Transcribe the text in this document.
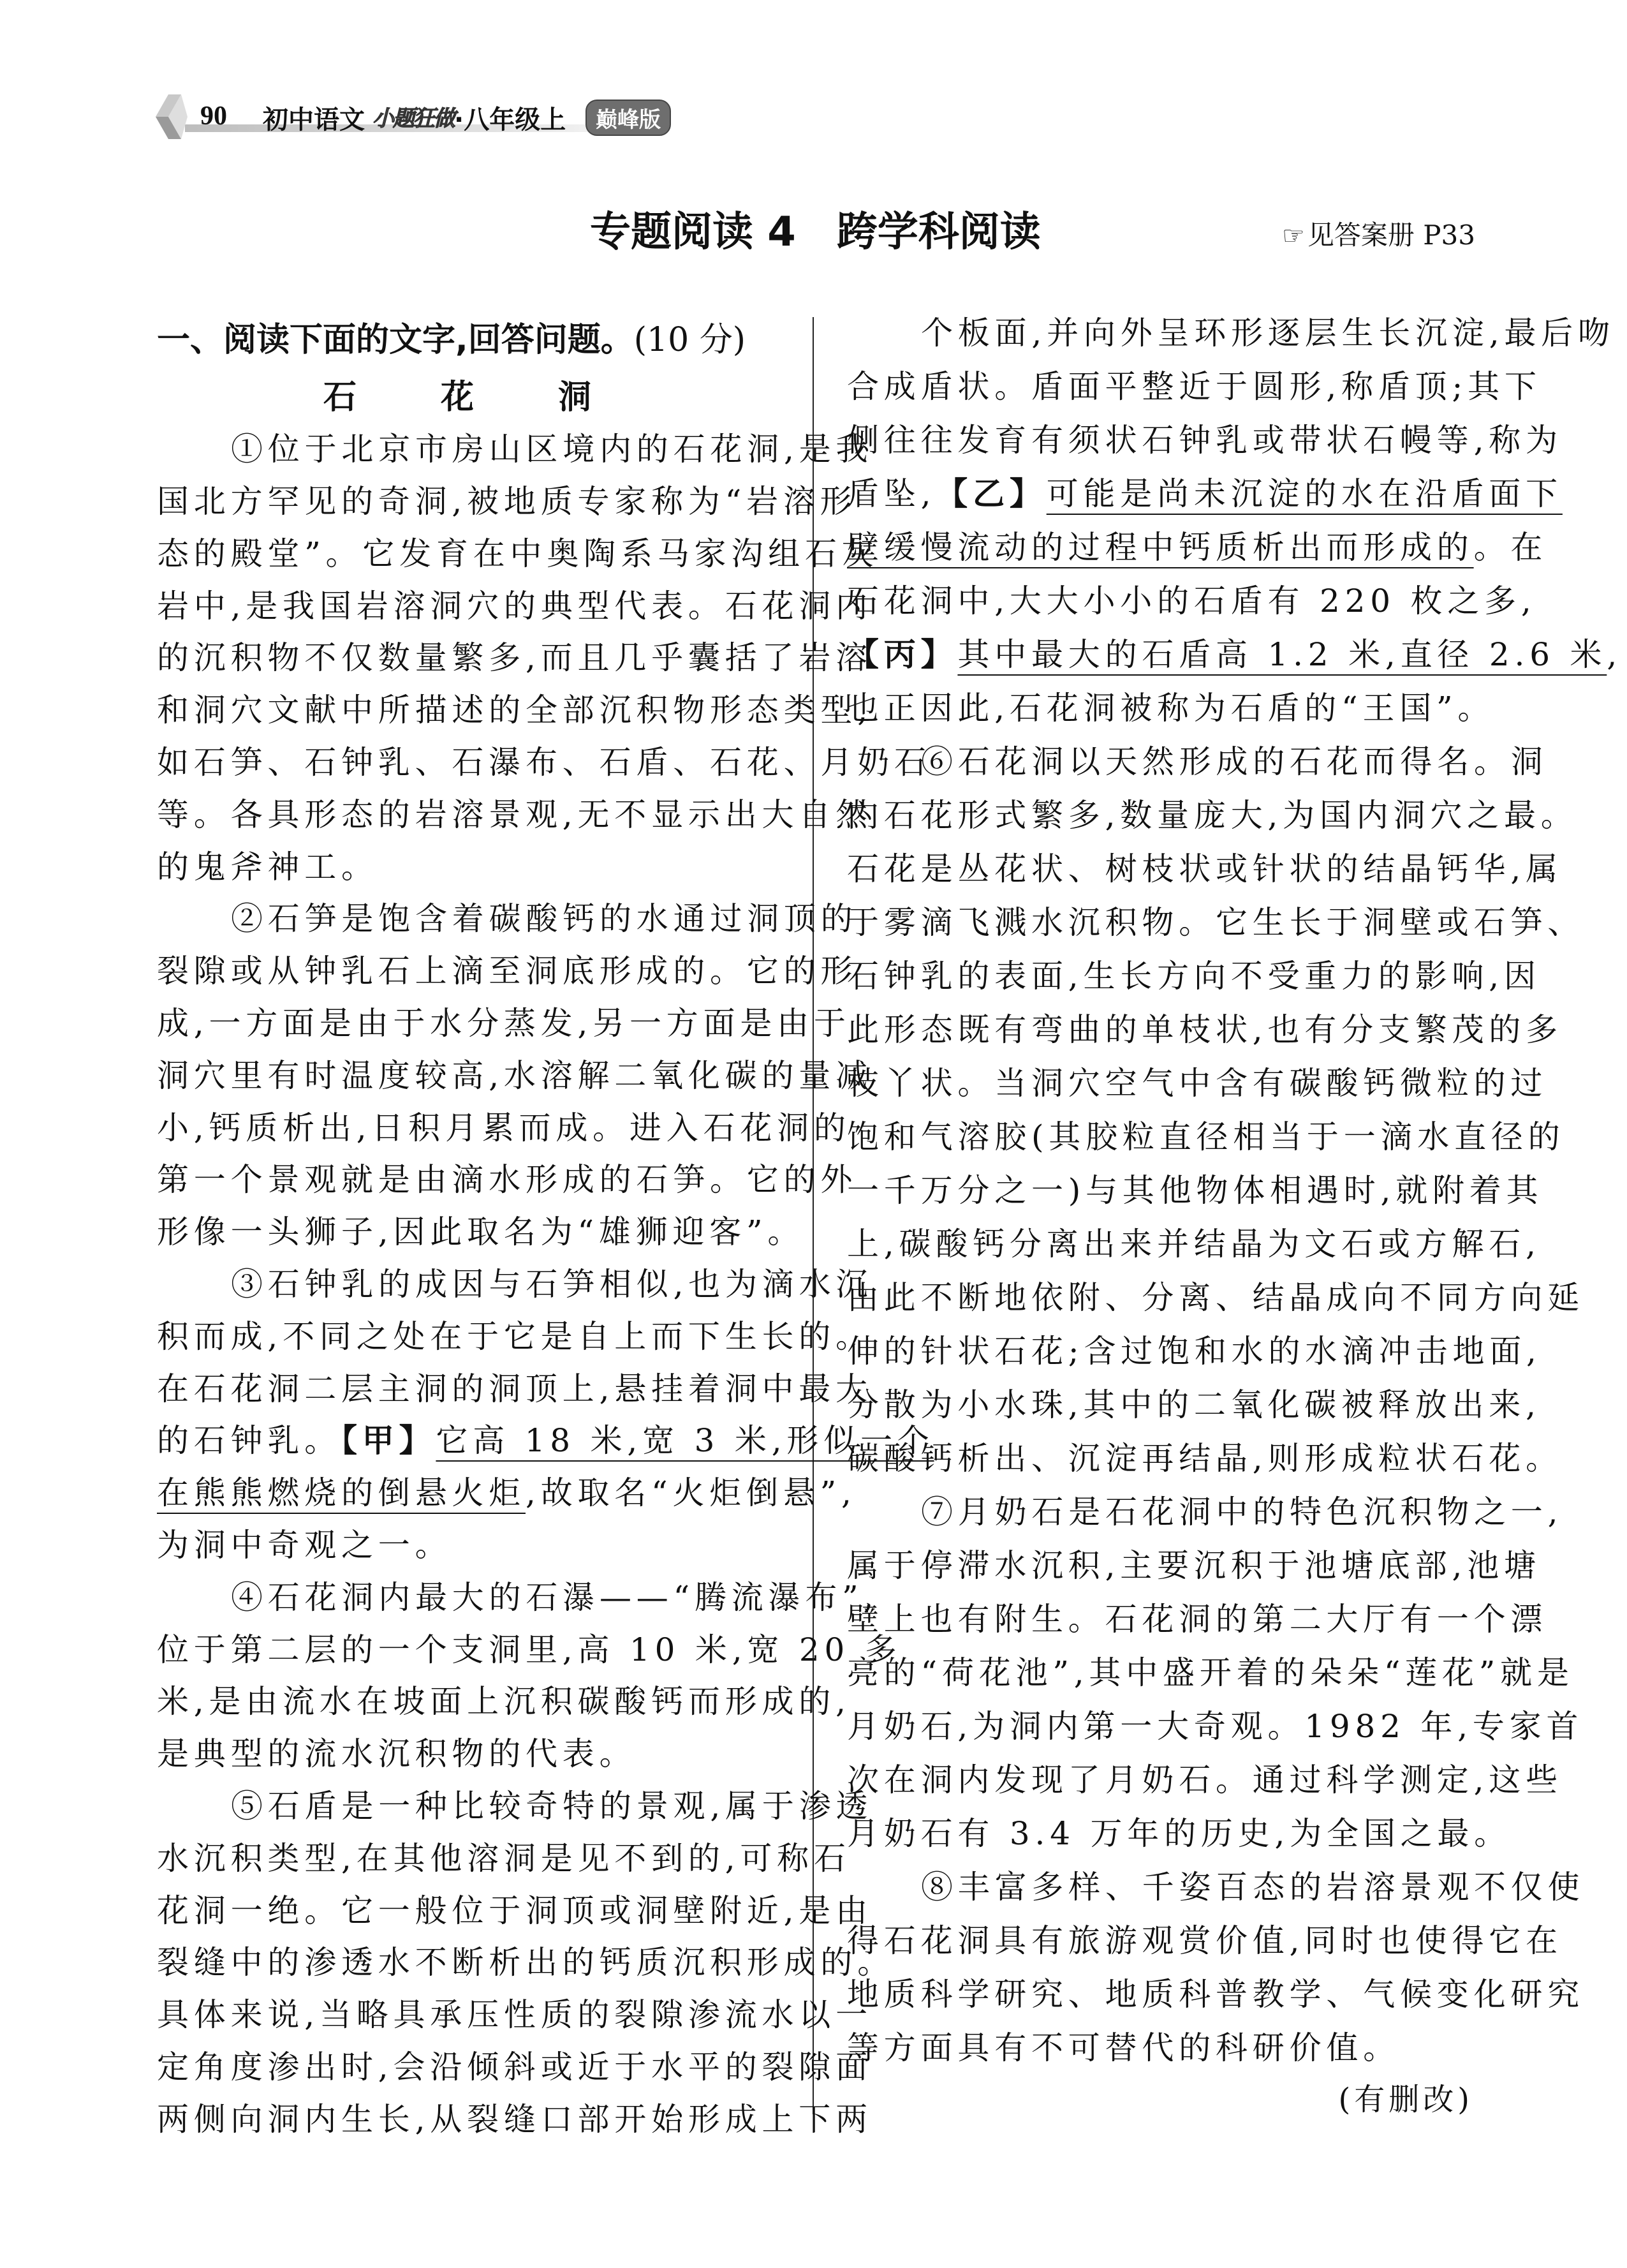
90 初中语文 小题狂做 ·八年级上	巅峰版
专题阅读 4　跨学科阅读	☞见答案册 P33
一、阅读下面的文字,回答问题。(10 分)
石　花　洞
①位于北京市房山区境内的石花洞,是我
国北方罕见的奇洞,被地质专家称为“岩溶形
态的殿堂”。它发育在中奥陶系马家沟组石灰
岩中,是我国岩溶洞穴的典型代表。石花洞内
的沉积物不仅数量繁多,而且几乎囊括了岩溶
和洞穴文献中所描述的全部沉积物形态类型,
如石笋、石钟乳、石瀑布、石盾、石花、月奶石
等。各具形态的岩溶景观,无不显示出大自然
的鬼斧神工。
②石笋是饱含着碳酸钙的水通过洞顶的
裂隙或从钟乳石上滴至洞底形成的。它的形
成,一方面是由于水分蒸发,另一方面是由于
洞穴里有时温度较高,水溶解二氧化碳的量减
小,钙质析出,日积月累而成。进入石花洞的
第一个景观就是由滴水形成的石笋。它的外
形像一头狮子,因此取名为“雄狮迎客”。
③石钟乳的成因与石笋相似,也为滴水沉
积而成,不同之处在于它是自上而下生长的。
在石花洞二层主洞的洞顶上,悬挂着洞中最大
的石钟乳。【甲】它高 18 米,宽 3 米,形似一个
在熊熊燃烧的倒悬火炬,故取名“火炬倒悬”,
为洞中奇观之一。
④石花洞内最大的石瀑——“腾流瀑布”,
位于第二层的一个支洞里,高 10 米,宽 20 多
米,是由流水在坡面上沉积碳酸钙而形成的,
是典型的流水沉积物的代表。
⑤石盾是一种比较奇特的景观,属于渗透
水沉积类型,在其他溶洞是见不到的,可称石
花洞一绝。它一般位于洞顶或洞壁附近,是由
裂缝中的渗透水不断析出的钙质沉积形成的。
具体来说,当略具承压性质的裂隙渗流水以一
定角度渗出时,会沿倾斜或近于水平的裂隙面
两侧向洞内生长,从裂缝口部开始形成上下两
个板面,并向外呈环形逐层生长沉淀,最后吻
合成盾状。盾面平整近于圆形,称盾顶;其下
侧往往发育有须状石钟乳或带状石幔等,称为
盾坠,【乙】可能是尚未沉淀的水在沿盾面下
壁缓慢流动的过程中钙质析出而形成的。在
石花洞中,大大小小的石盾有 220 枚之多,
【丙】其中最大的石盾高 1.2 米,直径 2.6 米,
也正因此,石花洞被称为石盾的“王国”。
⑥石花洞以天然形成的石花而得名。洞
内石花形式繁多,数量庞大,为国内洞穴之最。
石花是丛花状、树枝状或针状的结晶钙华,属
于雾滴飞溅水沉积物。它生长于洞壁或石笋、
石钟乳的表面,生长方向不受重力的影响,因
此形态既有弯曲的单枝状,也有分支繁茂的多
枝丫状。当洞穴空气中含有碳酸钙微粒的过
饱和气溶胶(其胶粒直径相当于一滴水直径的
一千万分之一)与其他物体相遇时,就附着其
上,碳酸钙分离出来并结晶为文石或方解石,
由此不断地依附、分离、结晶成向不同方向延
伸的针状石花;含过饱和水的水滴冲击地面,
分散为小水珠,其中的二氧化碳被释放出来,
碳酸钙析出、沉淀再结晶,则形成粒状石花。
⑦月奶石是石花洞中的特色沉积物之一,
属于停滞水沉积,主要沉积于池塘底部,池塘
壁上也有附生。石花洞的第二大厅有一个漂
亮的“荷花池”,其中盛开着的朵朵“莲花”就是
月奶石,为洞内第一大奇观。1982 年,专家首
次在洞内发现了月奶石。通过科学测定,这些
月奶石有 3.4 万年的历史,为全国之最。
⑧丰富多样、千姿百态的岩溶景观不仅使
得石花洞具有旅游观赏价值,同时也使得它在
地质科学研究、地质科普教学、气候变化研究
等方面具有不可替代的科研价值。
(有删改)
